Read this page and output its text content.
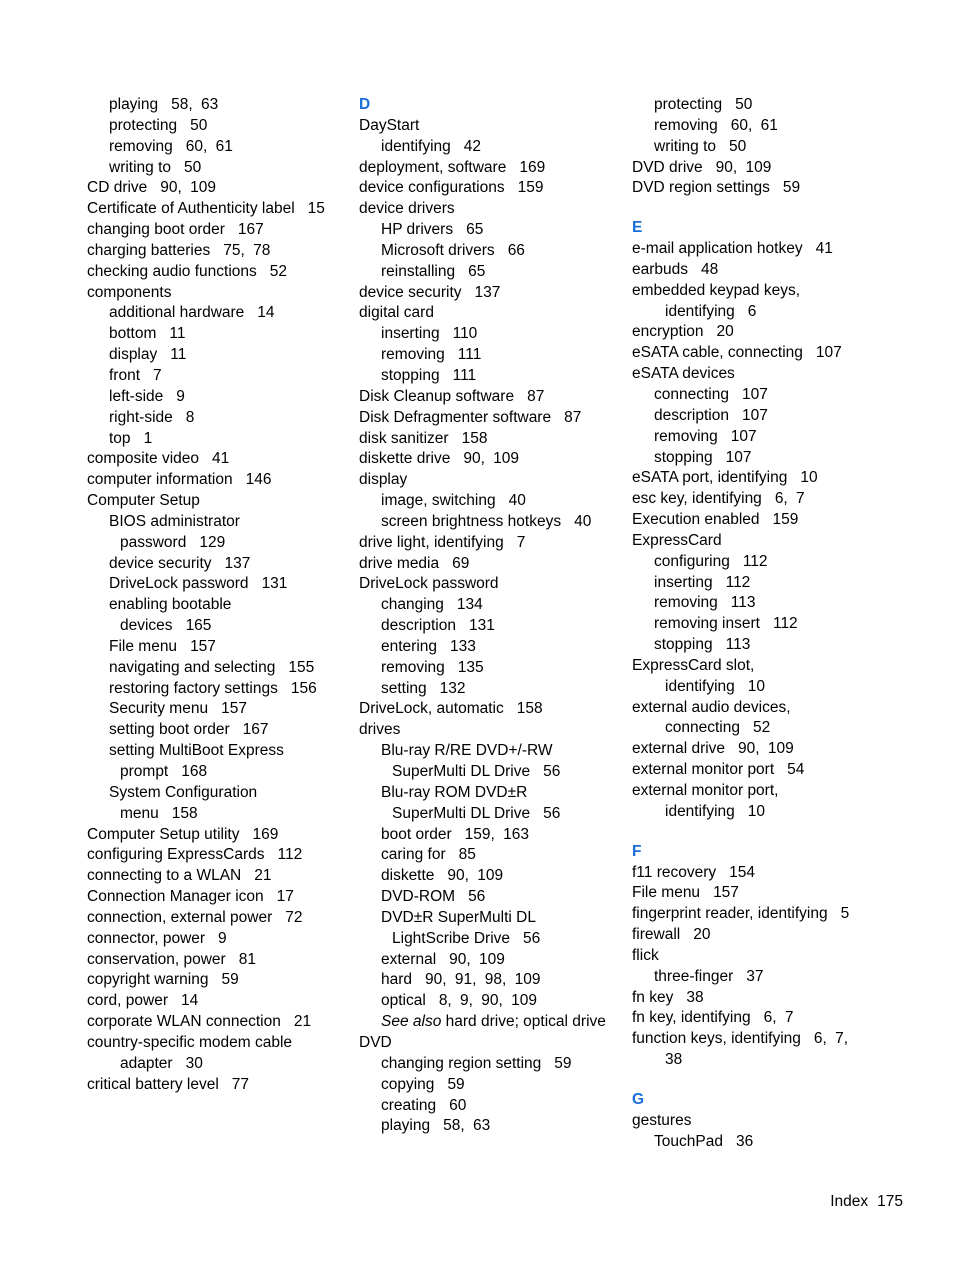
playing 58, 63
protecting 50
removing 60, 61
writing to 50
CD drive 90, 109
Certificate of Authenticity label 15
changing boot order 167
charging batteries 75, 78
checking audio functions 52
components
additional hardware 14
bottom 11
display 11
front 7
left-side 9
right-side 8
top 1
composite video 41
computer information 146
Computer Setup
BIOS administrator
password 129
device security 137
DriveLock password 131
enabling bootable
devices 165
File menu 157
navigating and selecting 155
restoring factory settings 156
Security menu 157
setting boot order 167
setting MultiBoot Express
prompt 168
System Configuration
menu 158
Computer Setup utility 169
configuring ExpressCards 112
connecting to a WLAN 21
Connection Manager icon 17
connection, external power 72
connector, power 9
conservation, power 81
copyright warning 59
cord, power 14
corporate WLAN connection 21
country-specific modem cable
adapter 30
critical battery level 77
D
DayStart
identifying 42
deployment, software 169
device configurations 159
device drivers
HP drivers 65
Microsoft drivers 66
reinstalling 65
device security 137
digital card
inserting 110
removing 111
stopping 111
Disk Cleanup software 87
Disk Defragmenter software 87
disk sanitizer 158
diskette drive 90, 109
display
image, switching 40
screen brightness hotkeys 40
drive light, identifying 7
drive media 69
DriveLock password
changing 134
description 131
entering 133
removing 135
setting 132
DriveLock, automatic 158
drives
Blu-ray R/RE DVD+/-RW
SuperMulti DL Drive 56
Blu-ray ROM DVD±R
SuperMulti DL Drive 56
boot order 159, 163
caring for 85
diskette 90, 109
DVD-ROM 56
DVD±R SuperMulti DL
LightScribe Drive 56
external 90, 109
hard 90, 91, 98, 109
optical 8, 9, 90, 109
See also hard drive; optical drive
DVD
changing region setting 59
copying 59
creating 60
playing 58, 63
protecting 50
removing 60, 61
writing to 50
DVD drive 90, 109
DVD region settings 59
E
e-mail application hotkey 41
earbuds 48
embedded keypad keys,
identifying 6
encryption 20
eSATA cable, connecting 107
eSATA devices
connecting 107
description 107
removing 107
stopping 107
eSATA port, identifying 10
esc key, identifying 6, 7
Execution enabled 159
ExpressCard
configuring 112
inserting 112
removing 113
removing insert 112
stopping 113
ExpressCard slot,
identifying 10
external audio devices,
connecting 52
external drive 90, 109
external monitor port 54
external monitor port,
identifying 10
F
f11 recovery 154
File menu 157
fingerprint reader, identifying 5
firewall 20
flick
three-finger 37
fn key 38
fn key, identifying 6, 7
function keys, identifying 6, 7,
38
G
gestures
TouchPad 36
Index 175
